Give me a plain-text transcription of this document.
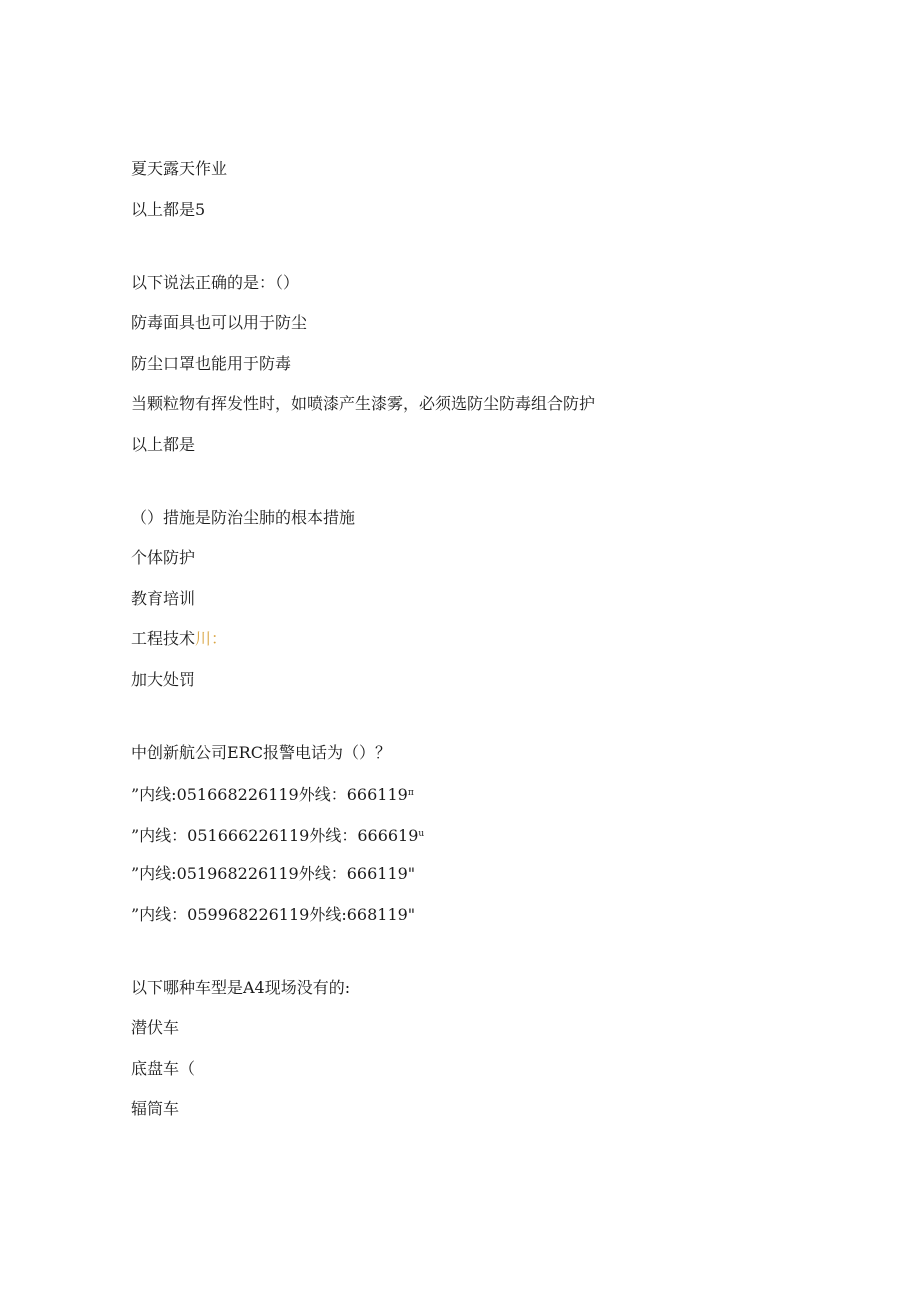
夏天露天作业
以上都是5
以下说法正确的是：（）
防毒面具也可以用于防尘
防尘口罩也能用于防毒
当颗粒物有挥发性时，如喷漆产生漆雾，必须选防尘防毒组合防护
以上都是
（）措施是防治尘肺的根本措施
个体防护
教育培训
工程技术川：
加大处罚
中创新航公司ERC报警电话为（）？
”内线:051668226119外线：$666119^\pi$
”内线：051666226119外线：666619$^u$
”内线:051968226119外线：666119"
”内线：059968226119外线:668119"
以下哪种车型是A4现场没有的:
潜伏车
底盘车（
辐筒车
